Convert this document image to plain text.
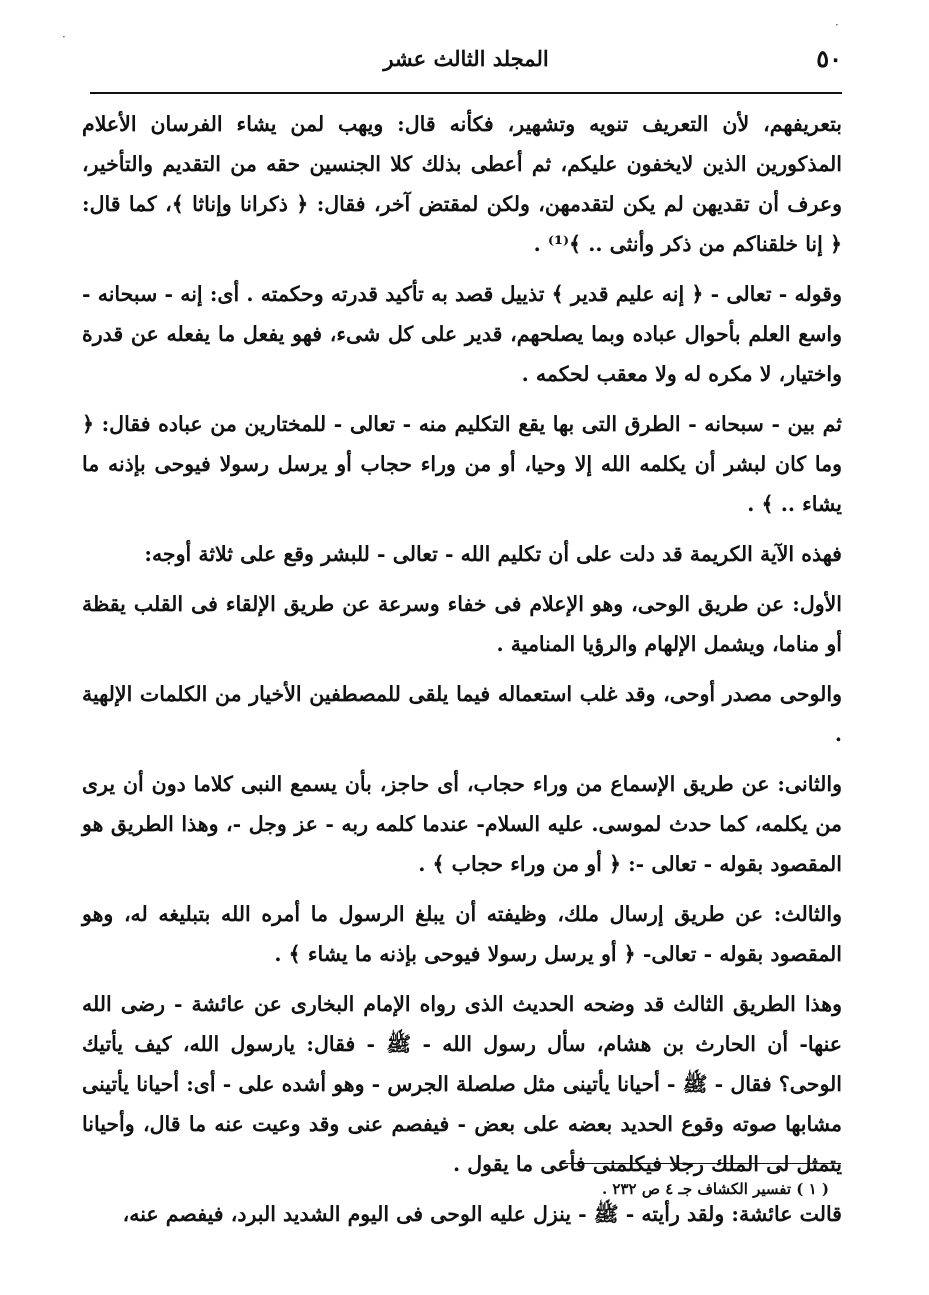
٥٠
المجلد الثالث عشر

بتعريفهم، لأن التعريف تنويه وتشهير، فكأنه قال: ويهب لمن يشاء الفرسان الأعلام المذكورين الذين لايخفون عليكم، ثم أعطى بذلك كلا الجنسين حقه من التقديم والتأخير، وعرف أن تقديهن لم يكن لتقدمهن، ولكن لمقتض آخر، فقال: ﴿ ذكرانا وإناثا ﴾، كما قال: ﴿ إنا خلقناكم من ذكر وأنثى .. ﴾⁽¹⁾ .

وقوله - تعالى - ﴿ إنه عليم قدير ﴾ تذييل قصد به تأكيد قدرته وحكمته . أى: إنه - سبحانه - واسع العلم بأحوال عباده وبما يصلحهم، قدير على كل شىء، فهو يفعل ما يفعله عن قدرة واختيار، لا مكره له ولا معقب لحكمه .

ثم بين - سبحانه - الطرق التى بها يقع التكليم منه - تعالى - للمختارين من عباده فقال: ﴿ وما كان لبشر أن يكلمه الله إلا وحيا، أو من وراء حجاب أو يرسل رسولا فيوحى بإذنه ما يشاء .. ﴾ .

فهذه الآية الكريمة قد دلت على أن تكليم الله - تعالى - للبشر وقع على ثلاثة أوجه:

الأول: عن طريق الوحى، وهو الإعلام فى خفاء وسرعة عن طريق الإلقاء فى القلب يقظة أو مناما، ويشمل الإلهام والرؤيا المنامية .

والوحى مصدر أوحى، وقد غلب استعماله فيما يلقى للمصطفين الأخيار من الكلمات الإلهية .

والثانى: عن طريق الإسماع من وراء حجاب، أى حاجز، بأن يسمع النبى كلاما دون أن يرى من يكلمه، كما حدث لموسى. عليه السلام- عندما كلمه ربه - عز وجل -، وهذا الطريق هو المقصود بقوله - تعالى -: ﴿ أو من وراء حجاب ﴾ .

والثالث: عن طريق إرسال ملك، وظيفته أن يبلغ الرسول ما أمره الله بتبليغه له، وهو المقصود بقوله - تعالى- ﴿ أو يرسل رسولا فيوحى بإذنه ما يشاء ﴾ .

وهذا الطريق الثالث قد وضحه الحديث الذى رواه الإمام البخارى عن عائشة - رضى الله عنها- أن الحارث بن هشام، سأل رسول الله - ﷺ - فقال: يارسول الله، كيف يأتيك الوحى؟ فقال - ﷺ - أحيانا يأتينى مثل صلصلة الجرس - وهو أشده على - أى: أحيانا يأتينى مشابها صوته وقوع الحديد بعضه على بعض - فيفصم عنى وقد وعيت عنه ما قال، وأحيانا يتمثل لى الملك رجلا فيكلمنى فأعى ما يقول .

قالت عائشة: ولقد رأيته - ﷺ - ينزل عليه الوحى فى اليوم الشديد البرد، فيفصم عنه،

( ١ ) تفسير الكشاف جـ ٤ ص ٢٣٢ .
·
·
